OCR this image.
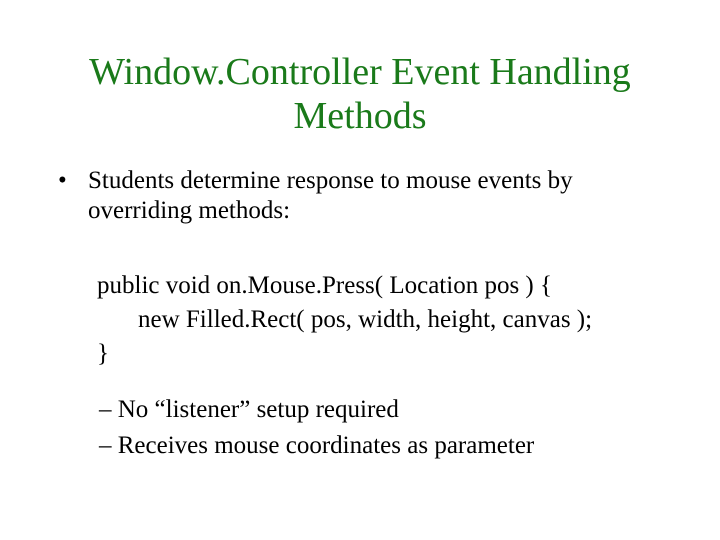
Window.Controller Event Handling
Methods
• Students determine response to mouse events by overriding methods:
public void on.Mouse.Press( Location pos ) {
new Filled.Rect( pos, width, height, canvas );
}
– No “listener” setup required
– Receives mouse coordinates as parameter
